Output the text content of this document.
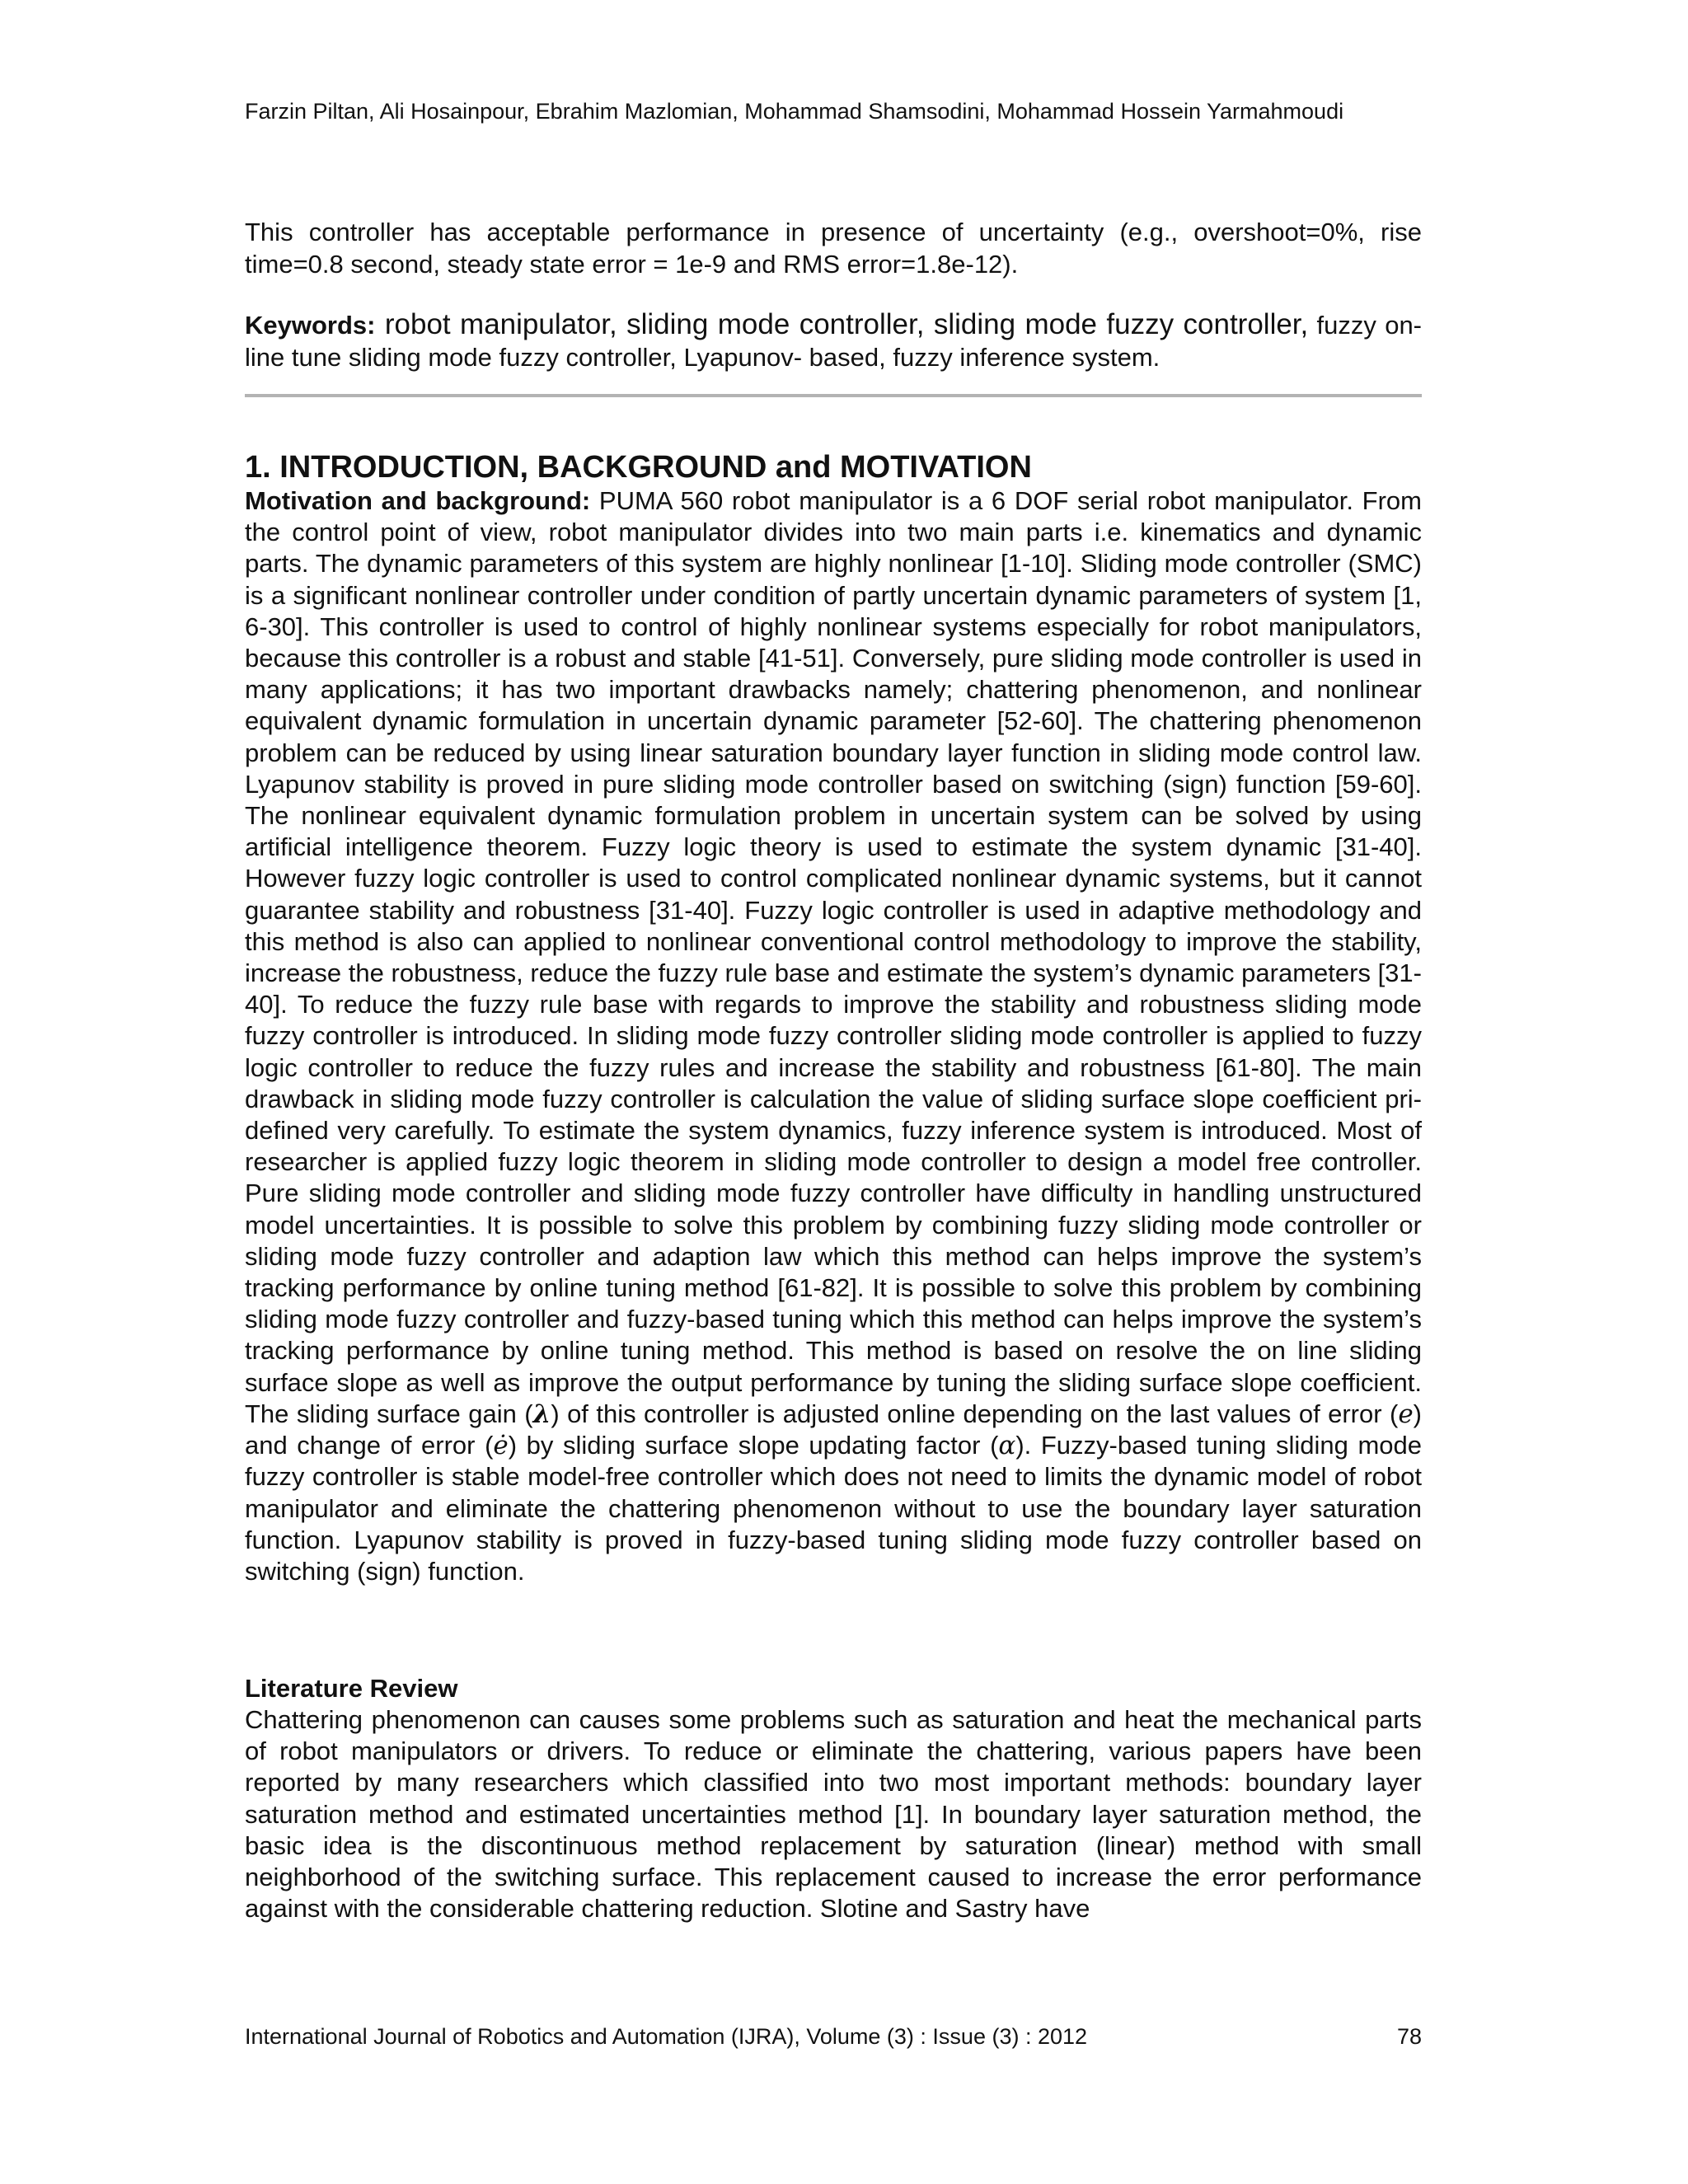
Farzin Piltan, Ali Hosainpour, Ebrahim Mazlomian, Mohammad Shamsodini, Mohammad Hossein Yarmahmoudi
This controller has acceptable performance in presence of uncertainty (e.g., overshoot=0%, rise time=0.8 second, steady state error = 1e-9 and RMS error=1.8e-12).
Keywords: robot manipulator, sliding mode controller, sliding mode fuzzy controller, fuzzy on-line tune sliding mode fuzzy controller, Lyapunov- based, fuzzy inference system.
1. INTRODUCTION, BACKGROUND and MOTIVATION
Motivation and background: PUMA 560 robot manipulator is a 6 DOF serial robot manipulator. From the control point of view, robot manipulator divides into two main parts i.e. kinematics and dynamic parts. The dynamic parameters of this system are highly nonlinear [1-10]. Sliding mode controller (SMC) is a significant nonlinear controller under condition of partly uncertain dynamic parameters of system [1, 6-30]. This controller is used to control of highly nonlinear systems especially for robot manipulators, because this controller is a robust and stable [41-51]. Conversely, pure sliding mode controller is used in many applications; it has two important drawbacks namely; chattering phenomenon, and nonlinear equivalent dynamic formulation in uncertain dynamic parameter [52-60]. The chattering phenomenon problem can be reduced by using linear saturation boundary layer function in sliding mode control law. Lyapunov stability is proved in pure sliding mode controller based on switching (sign) function [59-60]. The nonlinear equivalent dynamic formulation problem in uncertain system can be solved by using artificial intelligence theorem. Fuzzy logic theory is used to estimate the system dynamic [31-40]. However fuzzy logic controller is used to control complicated nonlinear dynamic systems, but it cannot guarantee stability and robustness [31-40]. Fuzzy logic controller is used in adaptive methodology and this method is also can applied to nonlinear conventional control methodology to improve the stability, increase the robustness, reduce the fuzzy rule base and estimate the system’s dynamic parameters [31-40]. To reduce the fuzzy rule base with regards to improve the stability and robustness sliding mode fuzzy controller is introduced. In sliding mode fuzzy controller sliding mode controller is applied to fuzzy logic controller to reduce the fuzzy rules and increase the stability and robustness [61-80]. The main drawback in sliding mode fuzzy controller is calculation the value of sliding surface slope coefficient pri-defined very carefully. To estimate the system dynamics, fuzzy inference system is introduced. Most of researcher is applied fuzzy logic theorem in sliding mode controller to design a model free controller. Pure sliding mode controller and sliding mode fuzzy controller have difficulty in handling unstructured model uncertainties. It is possible to solve this problem by combining fuzzy sliding mode controller or sliding mode fuzzy controller and adaption law which this method can helps improve the system’s tracking performance by online tuning method [61-82]. It is possible to solve this problem by combining sliding mode fuzzy controller and fuzzy-based tuning which this method can helps improve the system’s tracking performance by online tuning method. This method is based on resolve the on line sliding surface slope as well as improve the output performance by tuning the sliding surface slope coefficient. The sliding surface gain (λ) of this controller is adjusted online depending on the last values of error (e) and change of error (ė) by sliding surface slope updating factor (α). Fuzzy-based tuning sliding mode fuzzy controller is stable model-free controller which does not need to limits the dynamic model of robot manipulator and eliminate the chattering phenomenon without to use the boundary layer saturation function. Lyapunov stability is proved in fuzzy-based tuning sliding mode fuzzy controller based on switching (sign) function.
Literature Review
Chattering phenomenon can causes some problems such as saturation and heat the mechanical parts of robot manipulators or drivers. To reduce or eliminate the chattering, various papers have been reported by many researchers which classified into two most important methods: boundary layer saturation method and estimated uncertainties method [1]. In boundary layer saturation method, the basic idea is the discontinuous method replacement by saturation (linear) method with small neighborhood of the switching surface. This replacement caused to increase the error performance against with the considerable chattering reduction. Slotine and Sastry have
International Journal of Robotics and Automation (IJRA), Volume (3) : Issue (3) : 2012	78
